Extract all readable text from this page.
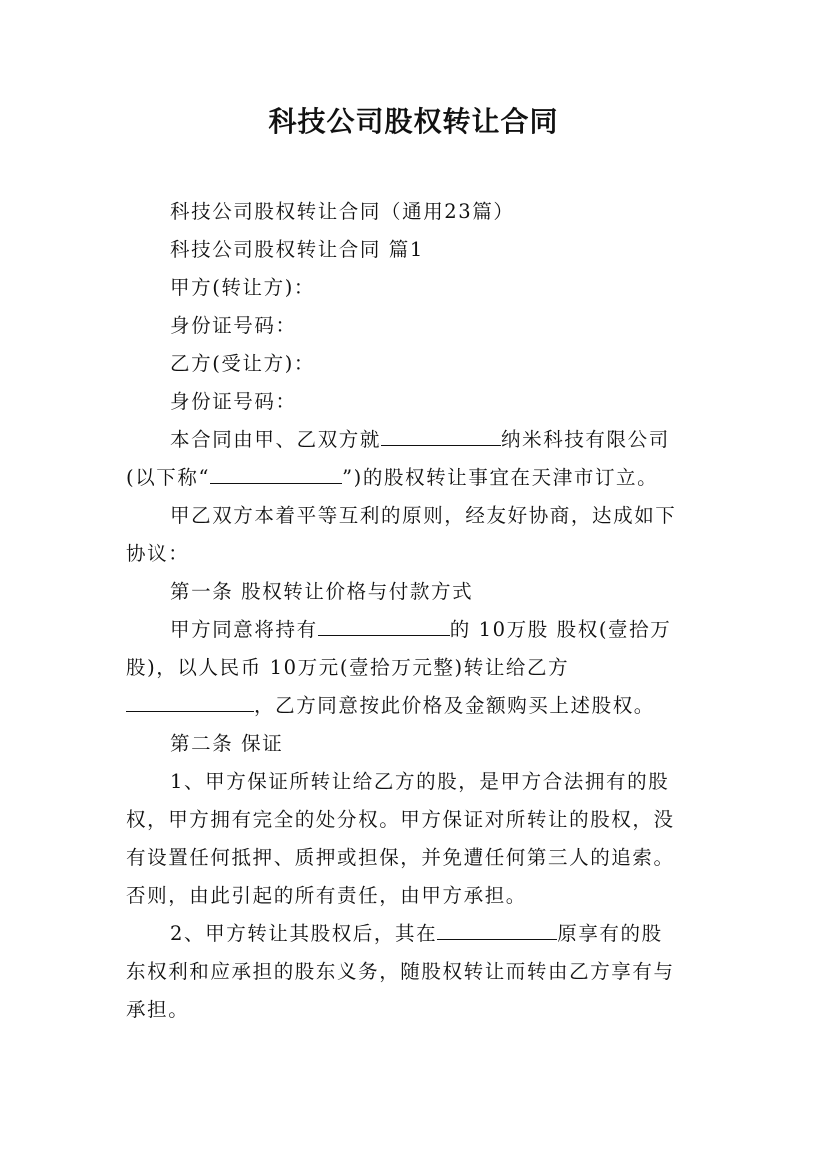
科技公司股权转让合同
科技公司股权转让合同（通用23篇）
科技公司股权转让合同 篇1
甲方(转让方)：
身份证号码：
乙方(受让方)：
身份证号码：
本合同由甲、乙双方就	纳米科技有限公司
(以下称“	”)的股权转让事宜在天津市订立。
甲乙双方本着平等互利的原则，经友好协商，达成如下
协议：
第一条 股权转让价格与付款方式
甲方同意将持有	的 10万股 股权(壹拾万
股)，以人民币 10万元(壹拾万元整)转让给乙方
，乙方同意按此价格及金额购买上述股权。
第二条 保证
1、甲方保证所转让给乙方的股，是甲方合法拥有的股
权，甲方拥有完全的处分权。甲方保证对所转让的股权，没
有设置任何抵押、质押或担保，并免遭任何第三人的追索。
否则，由此引起的所有责任，由甲方承担。
2、甲方转让其股权后，其在	原享有的股
东权利和应承担的股东义务，随股权转让而转由乙方享有与
承担。
